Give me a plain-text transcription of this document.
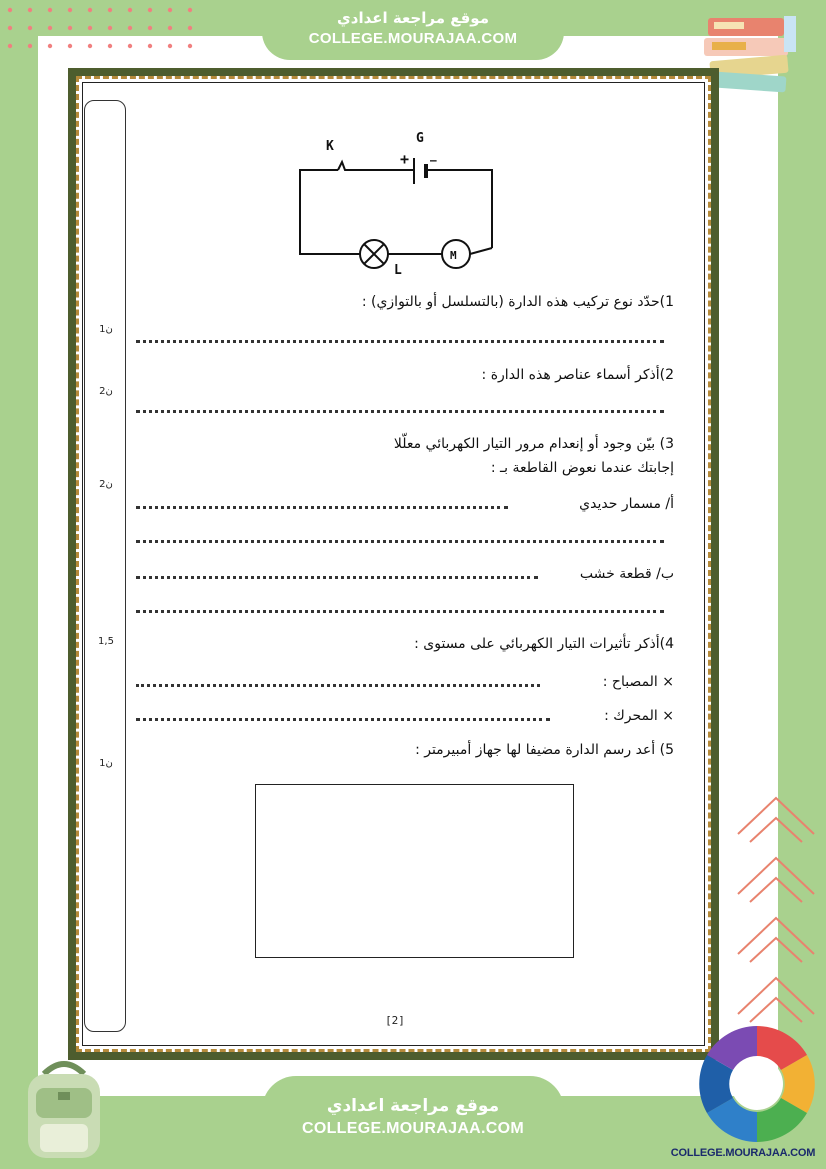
موقع مراجعة اعدادي
COLLEGE.MOURAJAA.COM
ن1
ن2
ن2
1,5
ن1
K
G
+ —
L
M
1)حدّد نوع تركيب هذه الدارة (بالتسلسل أو بالتوازي) :
2)أذكر أسماء عناصر هذه الدارة :
3) بيّن وجود أو إنعدام مرور التيار الكهربائي معلّلا
إجابتك عندما نعوض القاطعة بـ :
أ/ مسمار حديدي
ب/ قطعة خشب
4)أذكر تأثيرات التيار الكهربائي على مستوى :
× المصباح :
× المحرك :
5) أعد رسم الدارة مضيفا لها جهاز أمبيرمتر :
[2]
موقع مراجعة اعدادي
COLLEGE.MOURAJAA.COM
COLLEGE.MOURAJAA.COM
